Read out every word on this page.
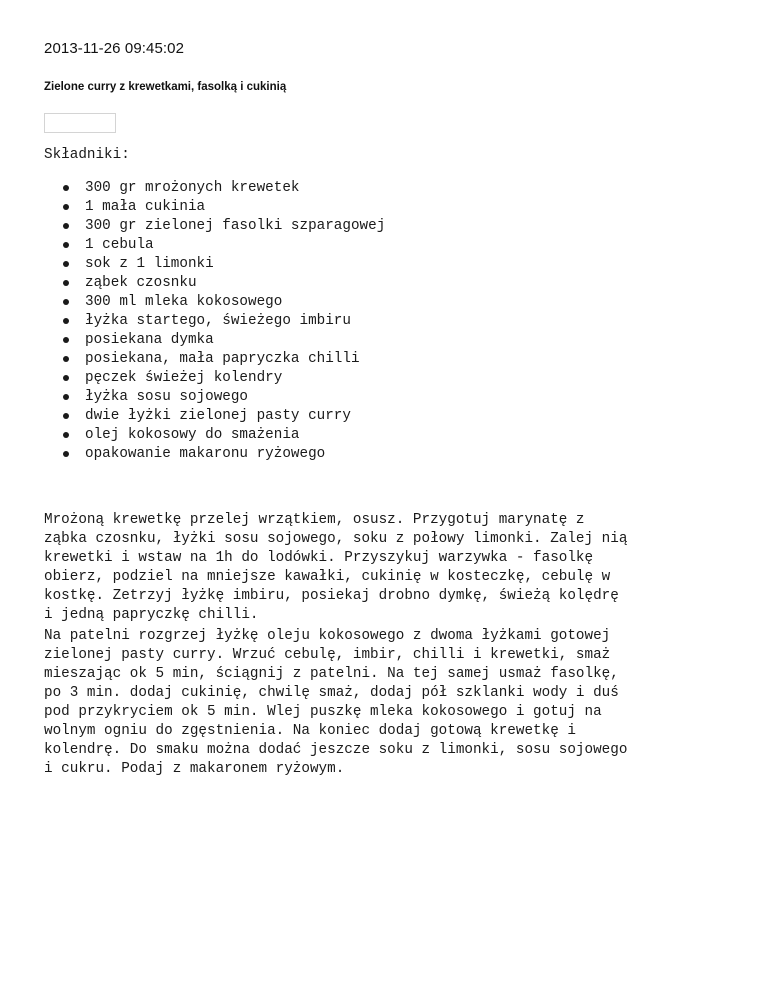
2013-11-26 09:45:02
Zielone curry z krewetkami, fasolką i cukinią

Składniki:

300 gr mrożonych krewetek
1 mała cukinia
300 gr zielonej fasolki szparagowej
1 cebula
sok z 1 limonki
ząbek czosnku
300 ml mleka kokosowego
łyżka startego, świeżego imbiru
posiekana dymka
posiekana, mała papryczka chilli
pęczek świeżej kolendry
łyżka sosu sojowego
dwie łyżki zielonej pasty curry
olej kokosowy do smażenia
opakowanie makaronu ryżowego

Mrożoną krewetkę przelej wrzątkiem, osusz. Przygotuj marynatę z
ząbka czosnku, łyżki sosu sojowego, soku z połowy limonki. Zalej nią
krewetki i wstaw na 1h do lodówki. Przyszykuj warzywka - fasolkę
obierz, podziel na mniejsze kawałki, cukinię w kosteczkę, cebulę w
kostkę. Zetrzyj łyżkę imbiru, posiekaj drobno dymkę, świeżą kolędrę
i jedną papryczkę chilli.

Na patelni rozgrzej łyżkę oleju kokosowego z dwoma łyżkami gotowej
zielonej pasty curry. Wrzuć cebulę, imbir, chilli i krewetki, smaż
mieszając ok 5 min, ściągnij z patelni. Na tej samej usmaż fasolkę,
po 3 min. dodaj cukinię, chwilę smaż, dodaj pół szklanki wody i duś
pod przykryciem ok 5 min. Wlej puszkę mleka kokosowego i gotuj na
wolnym ogniu do zgęstnienia. Na koniec dodaj gotową krewetkę i
kolendrę. Do smaku można dodać jeszcze soku z limonki, sosu sojowego
i cukru. Podaj z makaronem ryżowym.
